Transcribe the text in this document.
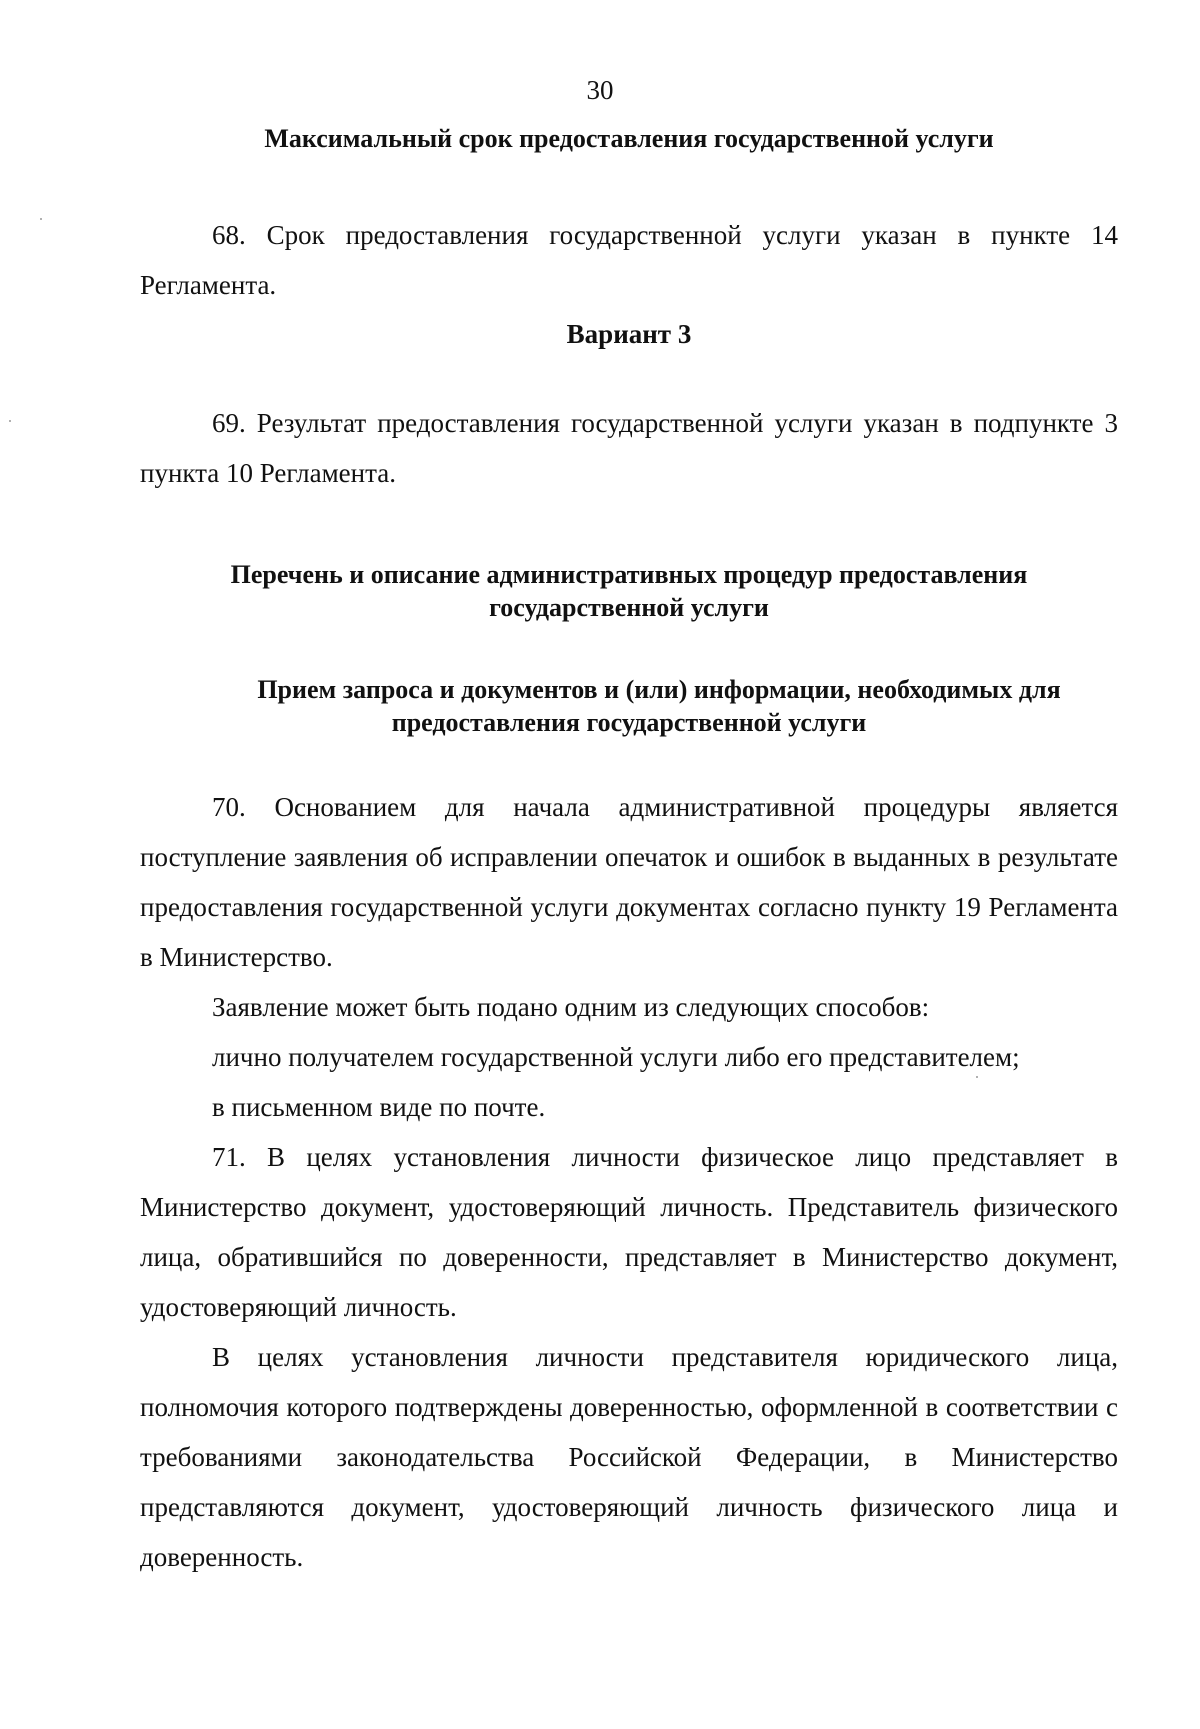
30
Максимальный срок предоставления государственной услуги

68. Срок предоставления государственной услуги указан в пункте 14 Регламента.

Вариант 3

69. Результат предоставления государственной услуги указан в подпункте 3 пункта 10 Регламента.

Перечень и описание административных процедур предоставления
государственной услуги
Прием запроса и документов и (или) информации, необходимых для
предоставления государственной услуги

70. Основанием для начала административной процедуры является поступление заявления об исправлении опечаток и ошибок в выданных в результате предоставления государственной услуги документах согласно пункту 19 Регламента в Министерство.

Заявление может быть подано одним из следующих способов:

лично получателем государственной услуги либо его представителем;

в письменном виде по почте.

71. В целях установления личности физическое лицо представляет в Министерство документ, удостоверяющий личность. Представитель физического лица, обратившийся по доверенности, представляет в Министерство документ, удостоверяющий личность.

В целях установления личности представителя юридического лица, полномочия которого подтверждены доверенностью, оформленной в соответствии с требованиями законодательства Российской Федерации, в Министерство представляются документ, удостоверяющий личность физического лица и доверенность.
